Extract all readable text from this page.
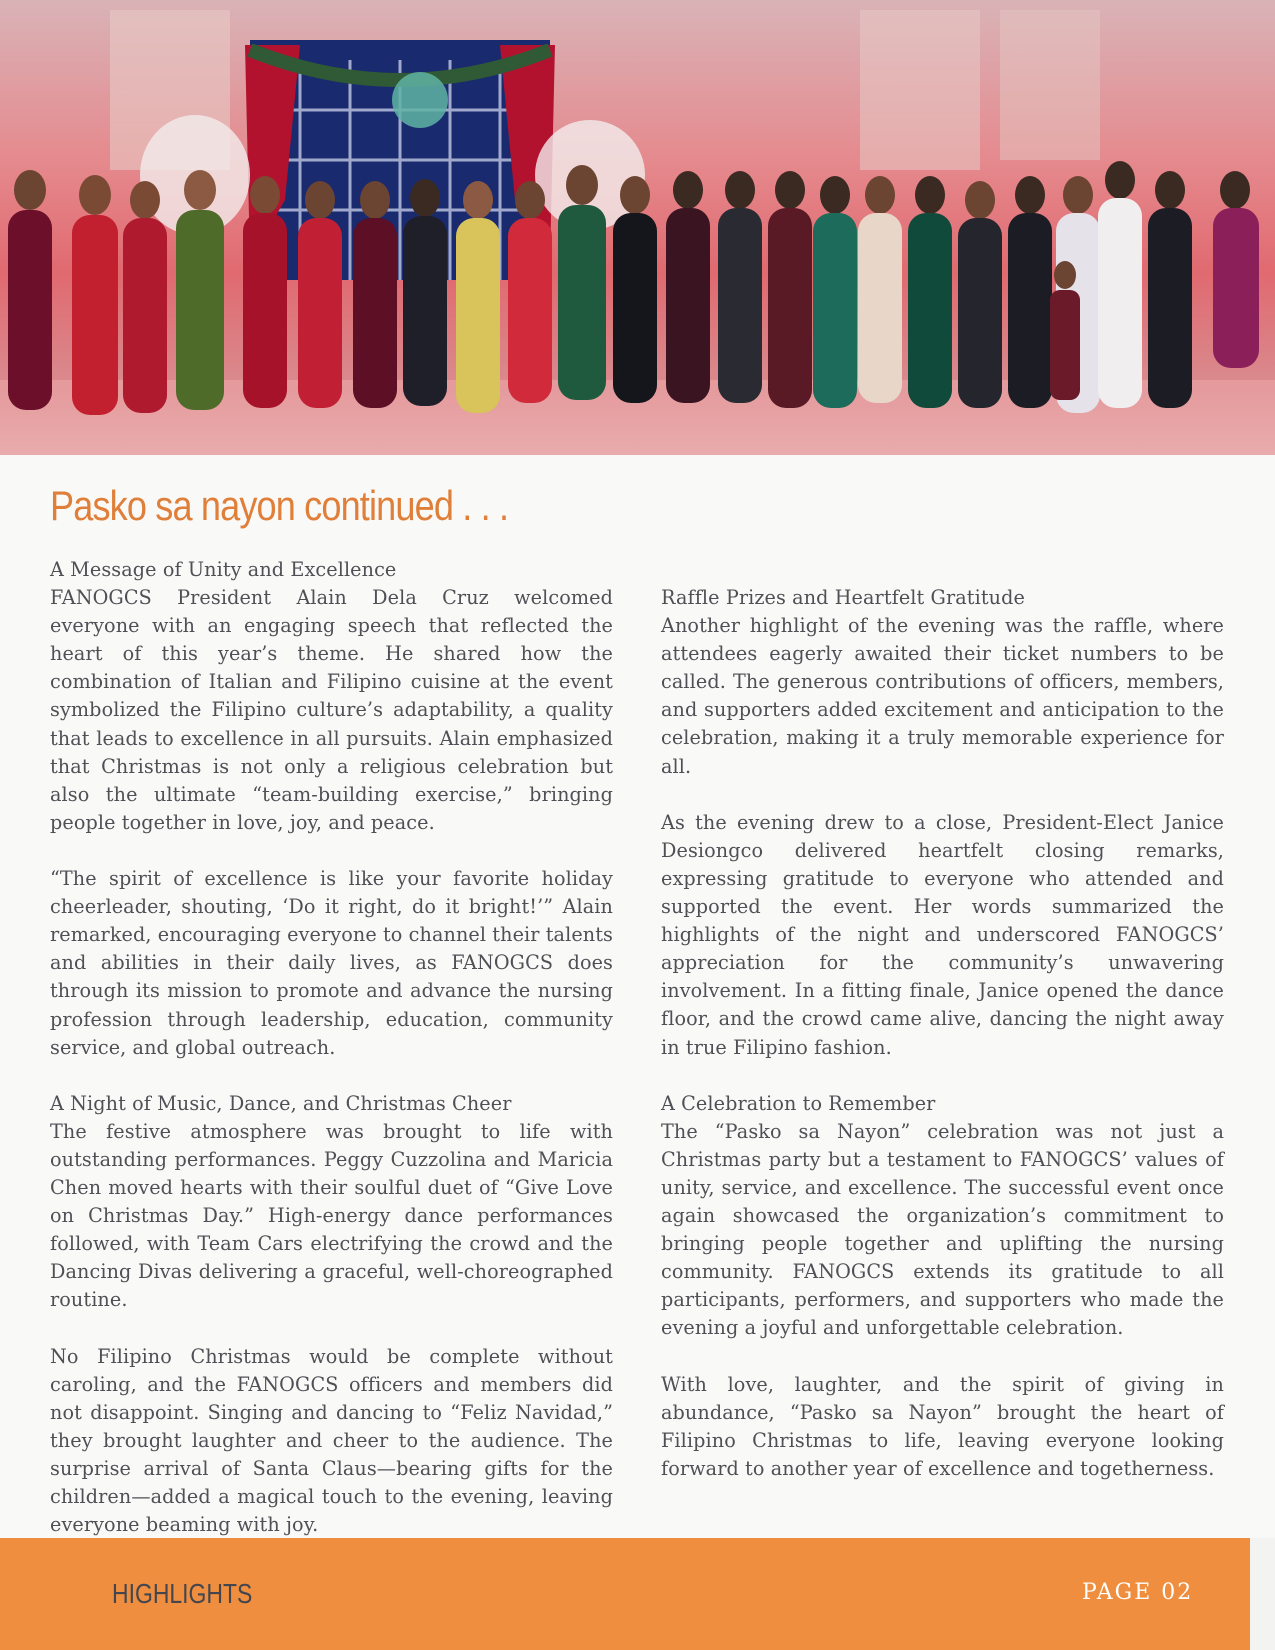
Pasko sa nayon continued . . .

A Message of Unity and Excellence
FANOGCS President Alain Dela Cruz welcomed everyone with an engaging speech that reflected the heart of this year’s theme. He shared how the combination of Italian and Filipino cuisine at the event symbolized the Filipino culture’s adaptability, a quality that leads to excellence in all pursuits. Alain emphasized that Christmas is not only a religious celebration but also the ultimate “team-building exercise,” bringing people together in love, joy, and peace.

“The spirit of excellence is like your favorite holiday cheerleader, shouting, ‘Do it right, do it bright!’” Alain remarked, encouraging everyone to channel their talents and abilities in their daily lives, as FANOGCS does through its mission to promote and advance the nursing profession through leadership, education, community service, and global outreach.

A Night of Music, Dance, and Christmas Cheer
The festive atmosphere was brought to life with outstanding performances. Peggy Cuzzolina and Maricia Chen moved hearts with their soulful duet of “Give Love on Christmas Day.” High-energy dance performances followed, with Team Cars electrifying the crowd and the Dancing Divas delivering a graceful, well-choreographed routine.

No Filipino Christmas would be complete without caroling, and the FANOGCS officers and members did not disappoint. Singing and dancing to “Feliz Navidad,” they brought laughter and cheer to the audience. The surprise arrival of Santa Claus—bearing gifts for the children—added a magical touch to the evening, leaving everyone beaming with joy.

Raffle Prizes and Heartfelt Gratitude
Another highlight of the evening was the raffle, where attendees eagerly awaited their ticket numbers to be called. The generous contributions of officers, members, and supporters added excitement and anticipation to the celebration, making it a truly memorable experience for all.

As the evening drew to a close, President-Elect Janice Desiongco delivered heartfelt closing remarks, expressing gratitude to everyone who attended and supported the event. Her words summarized the highlights of the night and underscored FANOGCS’ appreciation for the community’s unwavering involvement. In a fitting finale, Janice opened the dance floor, and the crowd came alive, dancing the night away in true Filipino fashion.

A Celebration to Remember
The “Pasko sa Nayon” celebration was not just a Christmas party but a testament to FANOGCS’ values of unity, service, and excellence. The successful event once again showcased the organization’s commitment to bringing people together and uplifting the nursing community. FANOGCS extends its gratitude to all participants, performers, and supporters who made the evening a joyful and unforgettable celebration.

With love, laughter, and the spirit of giving in abundance, “Pasko sa Nayon” brought the heart of Filipino Christmas to life, leaving everyone looking forward to another year of excellence and togetherness.

HIGHLIGHTS	PAGE 02
